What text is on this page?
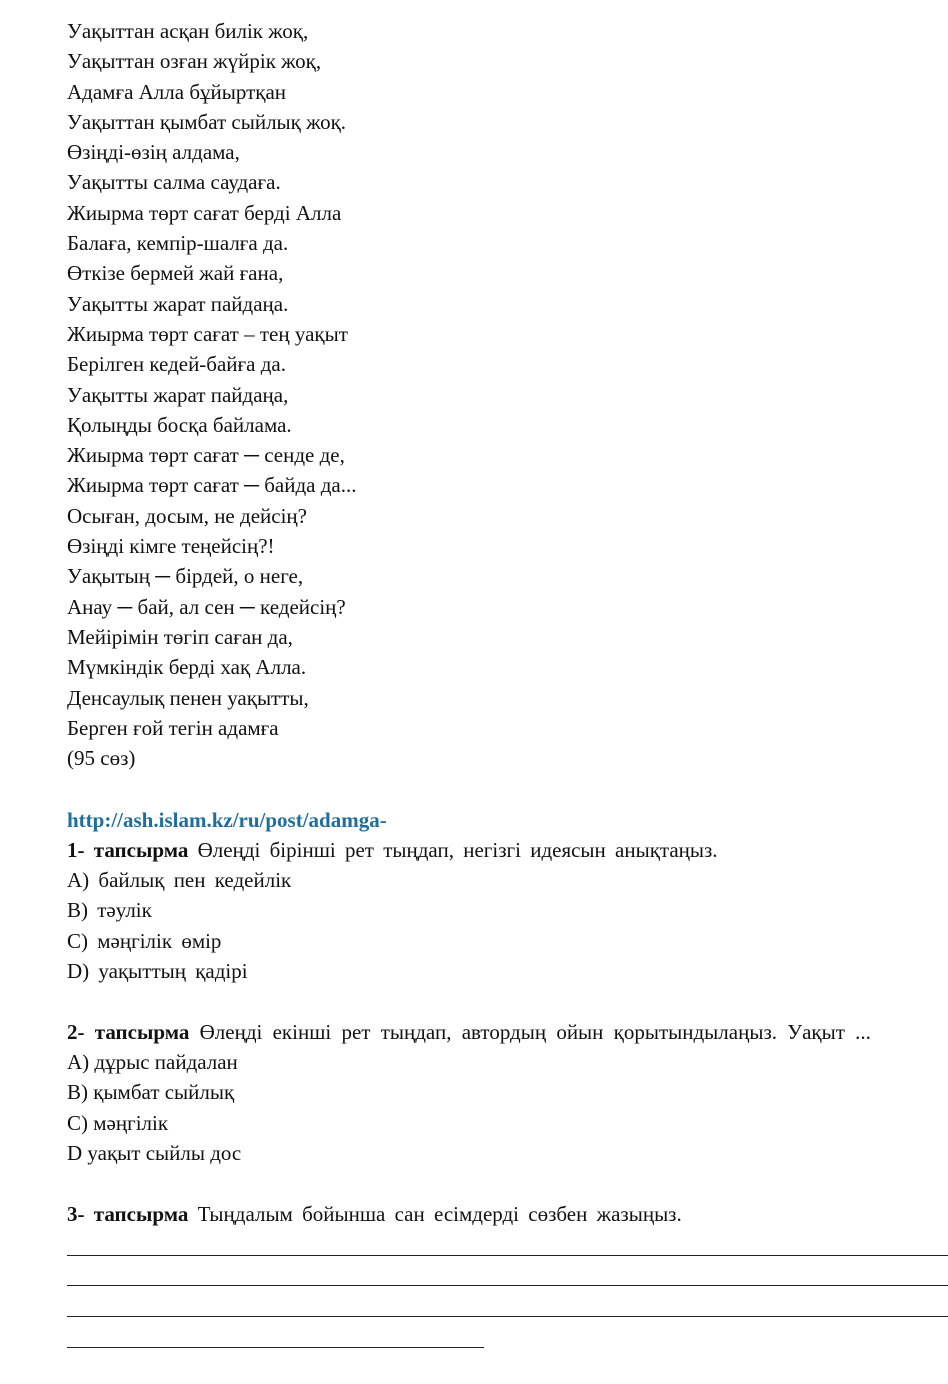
Уақыттан асқан билік жоқ,
Уақыттан озған жүйрік жоқ,
Адамға Алла бұйыртқан
Уақыттан қымбат сыйлық жоқ.
Өзіңді-өзің алдама,
Уақытты салма саудаға.
Жиырма төрт сағат берді Алла
Балаға, кемпір-шалға да.
Өткізе бермей жай ғана,
Уақытты жарат пайдаңа.
Жиырма төрт сағат – тең уақыт
Берілген кедей-байға да.
Уақытты жарат пайдаңа,
Қолыңды босқа байлама.
Жиырма төрт сағат ─ сенде де,
Жиырма төрт сағат ─ байда да...
Осыған, досым, не дейсің?
Өзіңді кімге теңейсің?!
Уақытың ─ бірдей, о неге,
Анау ─ бай, ал сен ─ кедейсің?
Мейірімін төгіп саған да,
Мүмкіндік берді хақ Алла.
Денсаулық пенен уақытты,
Берген ғой тегін адамға
(95 сөз)
http://ash.islam.kz/ru/post/adamga-
1- тапсырма Өлеңді бірінші рет тыңдап, негізгі идеясын анықтаңыз.
A) байлық пен кедейлік
B) тәулік
C) мәңгілік өмір
D) уақыттың қадірі
2- тапсырма Өлеңді екінші рет тыңдап, автордың ойын қорытындылаңыз. Уақыт ...
А) дұрыс пайдалан
В) қымбат сыйлық
С) мәңгілік
D уақыт сыйлы дос
3- тапсырма Тыңдалым бойынша сан есімдерді сөзбен жазыңыз.
